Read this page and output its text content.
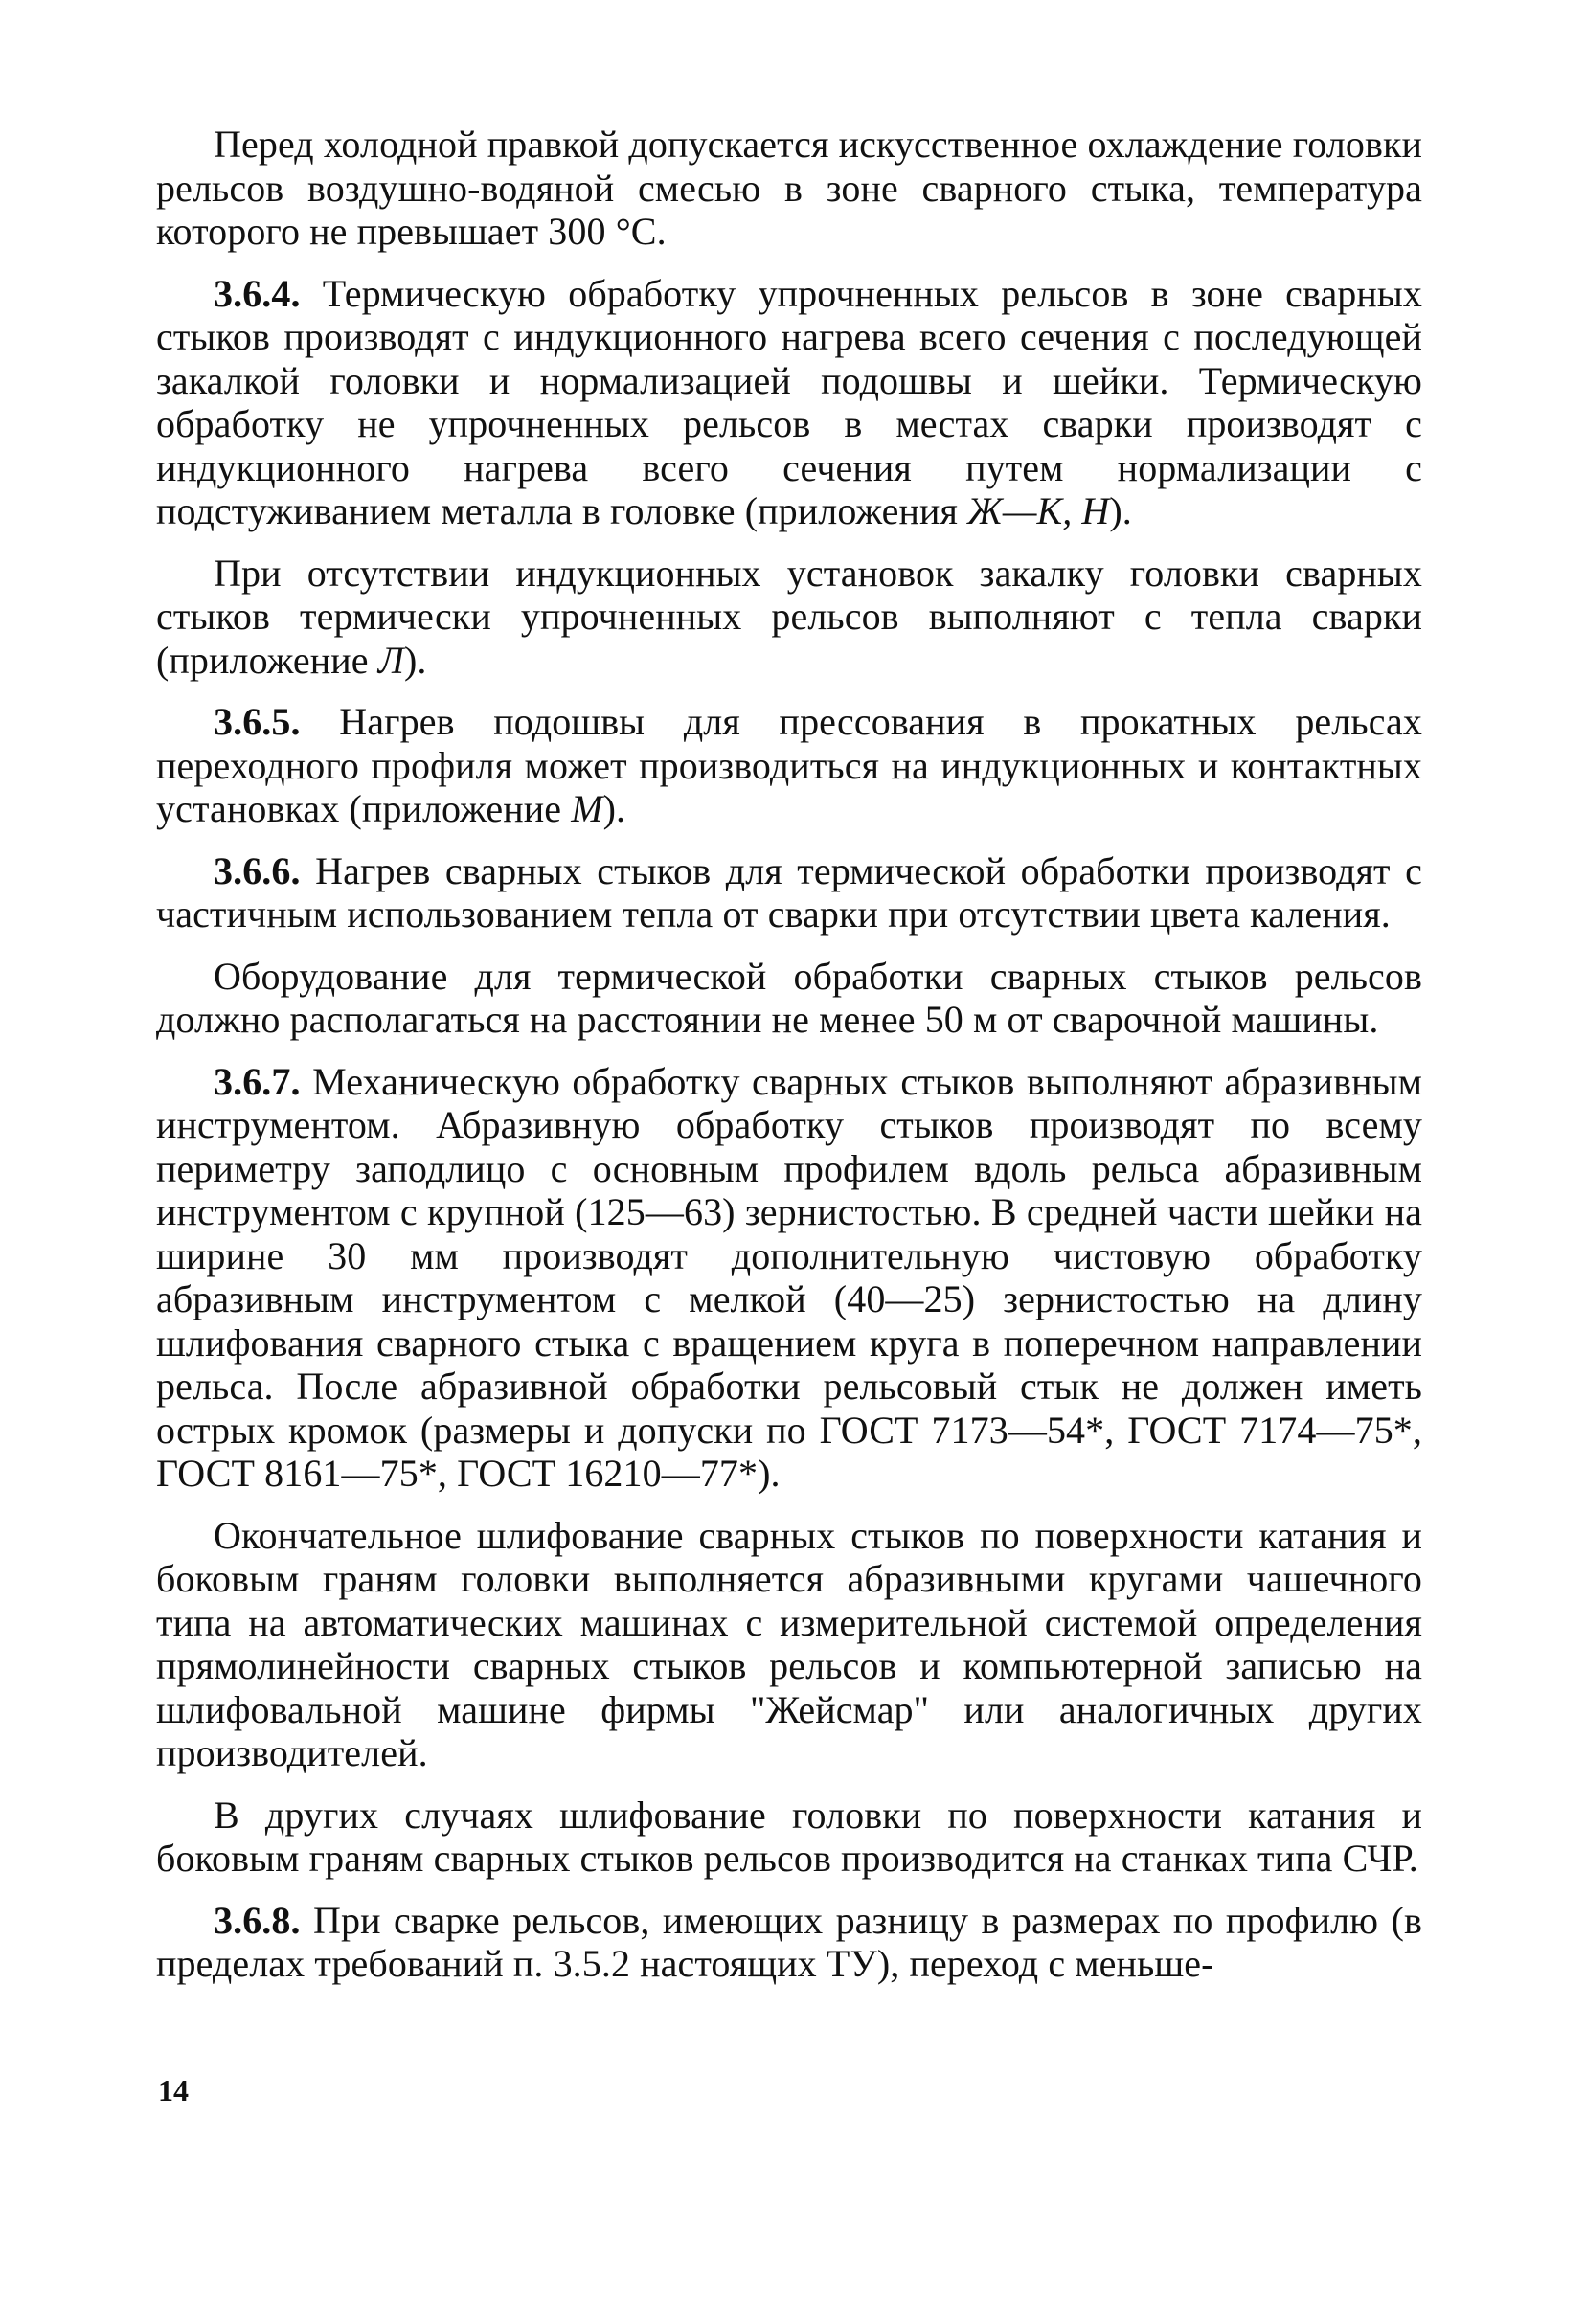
Перед холодной правкой допускается искусственное охлаждение головки рельсов воздушно-водяной смесью в зоне сварного стыка, температура которого не превышает 300 °С.

3.6.4. Термическую обработку упрочненных рельсов в зоне сварных стыков производят с индукционного нагрева всего сечения с последующей закалкой головки и нормализацией подошвы и шейки. Термическую обработку не упрочненных рельсов в местах сварки производят с индукционного нагрева всего сечения путем нормализации с подстуживанием металла в головке (приложения Ж—К, Н).

При отсутствии индукционных установок закалку головки сварных стыков термически упрочненных рельсов выполняют с тепла сварки (приложение Л).

3.6.5. Нагрев подошвы для прессования в прокатных рельсах переходного профиля может производиться на индукционных и контактных установках (приложение М).

3.6.6. Нагрев сварных стыков для термической обработки производят с частичным использованием тепла от сварки при отсутствии цвета каления.

Оборудование для термической обработки сварных стыков рельсов должно располагаться на расстоянии не менее 50 м от сварочной машины.

3.6.7. Механическую обработку сварных стыков выполняют абразивным инструментом. Абразивную обработку стыков производят по всему периметру заподлицо с основным профилем вдоль рельса абразивным инструментом с крупной (125—63) зернистостью. В средней части шейки на ширине 30 мм производят дополнительную чистовую обработку абразивным инструментом с мелкой (40—25) зернистостью на длину шлифования сварного стыка с вращением круга в поперечном направлении рельса. После абразивной обработки рельсовый стык не должен иметь острых кромок (размеры и допуски по ГОСТ 7173—54*, ГОСТ 7174—75*, ГОСТ 8161—75*, ГОСТ 16210—77*).

Окончательное шлифование сварных стыков по поверхности катания и боковым граням головки выполняется абразивными кругами чашечного типа на автоматических машинах с измерительной системой определения прямолинейности сварных стыков рельсов и компьютерной записью на шлифовальной машине фирмы "Жейсмар" или аналогичных других производителей.

В других случаях шлифование головки по поверхности катания и боковым граням сварных стыков рельсов производится на станках типа СЧР.

3.6.8. При сварке рельсов, имеющих разницу в размерах по профилю (в пределах требований п. 3.5.2 настоящих ТУ), переход с меньше-

14
